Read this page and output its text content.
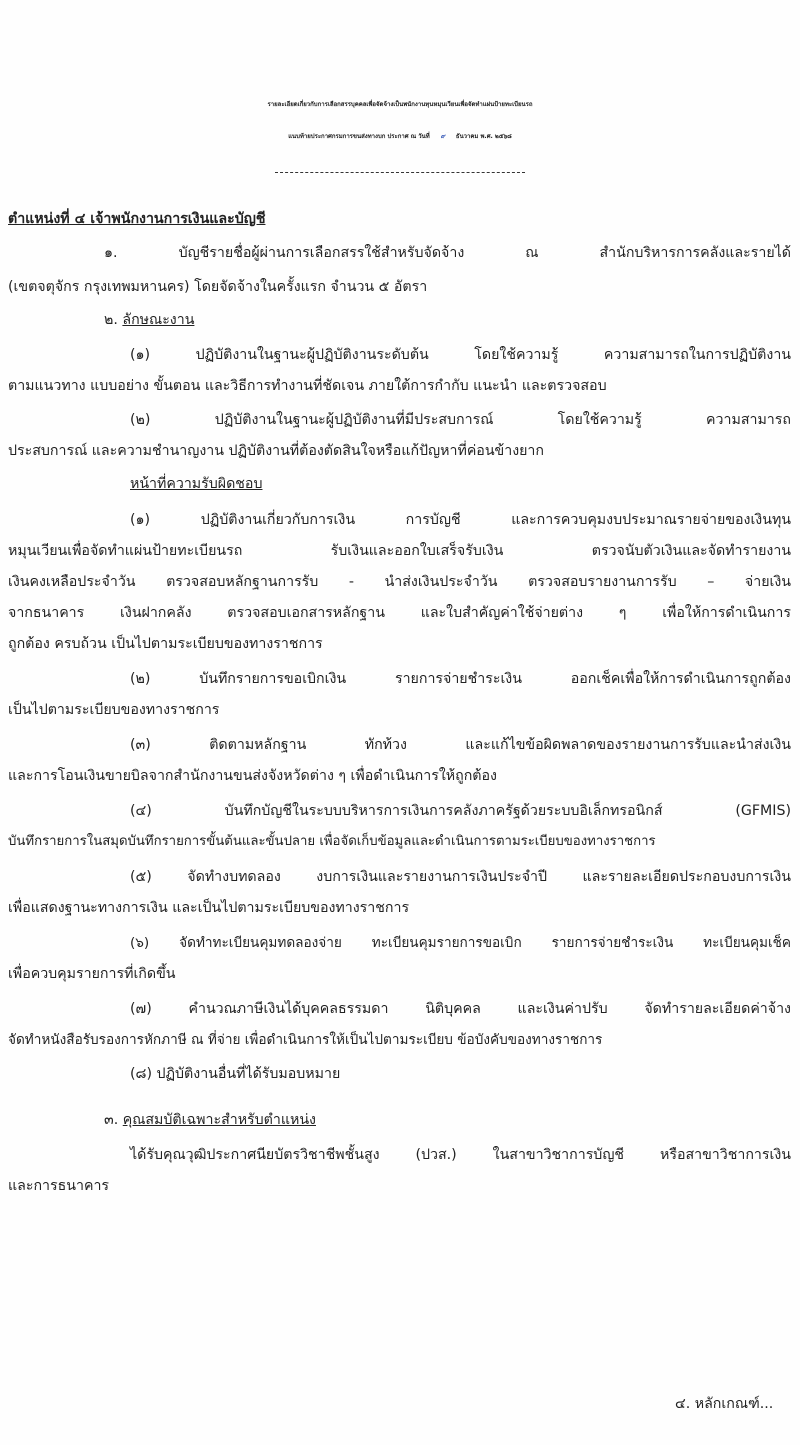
รายละเอียดเกี่ยวกับการเลือกสรรบุคคลเพื่อจัดจ้างเป็นพนักงานทุนหมุนเวียนเพื่อจัดทำแผ่นป้ายทะเบียนรถ
แนบท้ายประกาศกรมการขนส่งทางบก ประกาศ ณ วันที่ ๙ ธันวาคม พ.ศ. ๒๕๖๘
ตำแหน่งที่ ๔ เจ้าพนักงานการเงินและบัญชี
๑. บัญชีรายชื่อผู้ผ่านการเลือกสรรใช้สำหรับจัดจ้าง ณ สำนักบริหารการคลังและรายได้
(เขตจตุจักร กรุงเทพมหานคร) โดยจัดจ้างในครั้งแรก จำนวน ๕ อัตรา
๒. ลักษณะงาน
(๑) ปฏิบัติงานในฐานะผู้ปฏิบัติงานระดับต้น โดยใช้ความรู้ ความสามารถในการปฏิบัติงาน
ตามแนวทาง แบบอย่าง ขั้นตอน และวิธีการทำงานที่ชัดเจน ภายใต้การกำกับ แนะนำ และตรวจสอบ
(๒) ปฏิบัติงานในฐานะผู้ปฏิบัติงานที่มีประสบการณ์ โดยใช้ความรู้ ความสามารถ
ประสบการณ์ และความชำนาญงาน ปฏิบัติงานที่ต้องตัดสินใจหรือแก้ปัญหาที่ค่อนข้างยาก
หน้าที่ความรับผิดชอบ
(๑) ปฏิบัติงานเกี่ยวกับการเงิน การบัญชี และการควบคุมงบประมาณรายจ่ายของเงินทุน
หมุนเวียนเพื่อจัดทำแผ่นป้ายทะเบียนรถ รับเงินและออกใบเสร็จรับเงิน ตรวจนับตัวเงินและจัดทำรายงาน
เงินคงเหลือประจำวัน ตรวจสอบหลักฐานการรับ - นำส่งเงินประจำวัน ตรวจสอบรายงานการรับ – จ่ายเงิน
จากธนาคาร เงินฝากคลัง ตรวจสอบเอกสารหลักฐาน และใบสำคัญค่าใช้จ่ายต่าง ๆ เพื่อให้การดำเนินการ
ถูกต้อง ครบถ้วน เป็นไปตามระเบียบของทางราชการ
(๒) บันทึกรายการขอเบิกเงิน รายการจ่ายชำระเงิน ออกเช็คเพื่อให้การดำเนินการถูกต้อง
เป็นไปตามระเบียบของทางราชการ
(๓) ติดตามหลักฐาน ทักท้วง และแก้ไขข้อผิดพลาดของรายงานการรับและนำส่งเงิน
และการโอนเงินขายบิลจากสำนักงานขนส่งจังหวัดต่าง ๆ เพื่อดำเนินการให้ถูกต้อง
(๔) บันทึกบัญชีในระบบบริหารการเงินการคลังภาครัฐด้วยระบบอิเล็กทรอนิกส์ (GFMIS)
บันทึกรายการในสมุดบันทึกรายการขั้นต้นและขั้นปลาย เพื่อจัดเก็บข้อมูลและดำเนินการตามระเบียบของทางราชการ
(๕) จัดทำงบทดลอง งบการเงินและรายงานการเงินประจำปี และรายละเอียดประกอบงบการเงิน
เพื่อแสดงฐานะทางการเงิน และเป็นไปตามระเบียบของทางราชการ
(๖) จัดทำทะเบียนคุมทดลองจ่าย ทะเบียนคุมรายการขอเบิก รายการจ่ายชำระเงิน ทะเบียนคุมเช็ค
เพื่อควบคุมรายการที่เกิดขึ้น
(๗) คำนวณภาษีเงินได้บุคคลธรรมดา นิติบุคคล และเงินค่าปรับ จัดทำรายละเอียดค่าจ้าง
จัดทำหนังสือรับรองการหักภาษี ณ ที่จ่าย เพื่อดำเนินการให้เป็นไปตามระเบียบ ข้อบังคับของทางราชการ
(๘) ปฏิบัติงานอื่นที่ได้รับมอบหมาย
๓. คุณสมบัติเฉพาะสำหรับตำแหน่ง
ได้รับคุณวุฒิประกาศนียบัตรวิชาชีพชั้นสูง (ปวส.) ในสาขาวิชาการบัญชี หรือสาขาวิชาการเงิน
และการธนาคาร
๔. หลักเกณฑ์...
